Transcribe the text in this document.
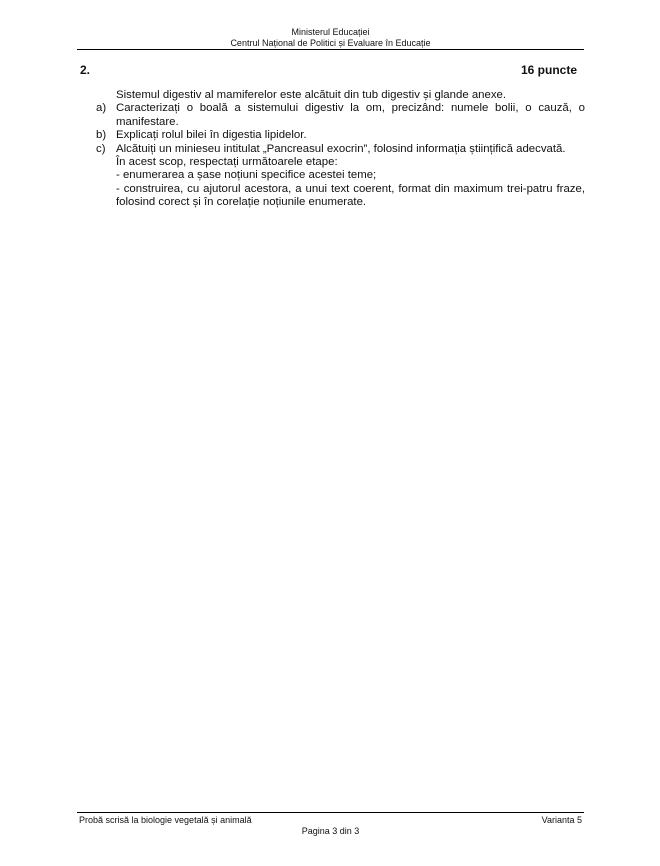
Ministerul Educației
Centrul Național de Politici și Evaluare în Educație
2.	16 puncte
Sistemul digestiv al mamiferelor este alcătuit din tub digestiv și glande anexe.
a) Caracterizați o boală a sistemului digestiv la om, precizând: numele bolii, o cauză, o manifestare.
b) Explicați rolul bilei în digestia lipidelor.
c) Alcătuiți un minieseu intitulat „Pancreasul exocrin”, folosind informația științifică adecvată.
În acest scop, respectați următoarele etape:
- enumerarea a șase noțiuni specifice acestei teme;
- construirea, cu ajutorul acestora, a unui text coerent, format din maximum trei-patru fraze, folosind corect și în corelație noțiunile enumerate.
Probă scrisă la biologie vegetală și animală	Varianta 5
Pagina 3 din 3
